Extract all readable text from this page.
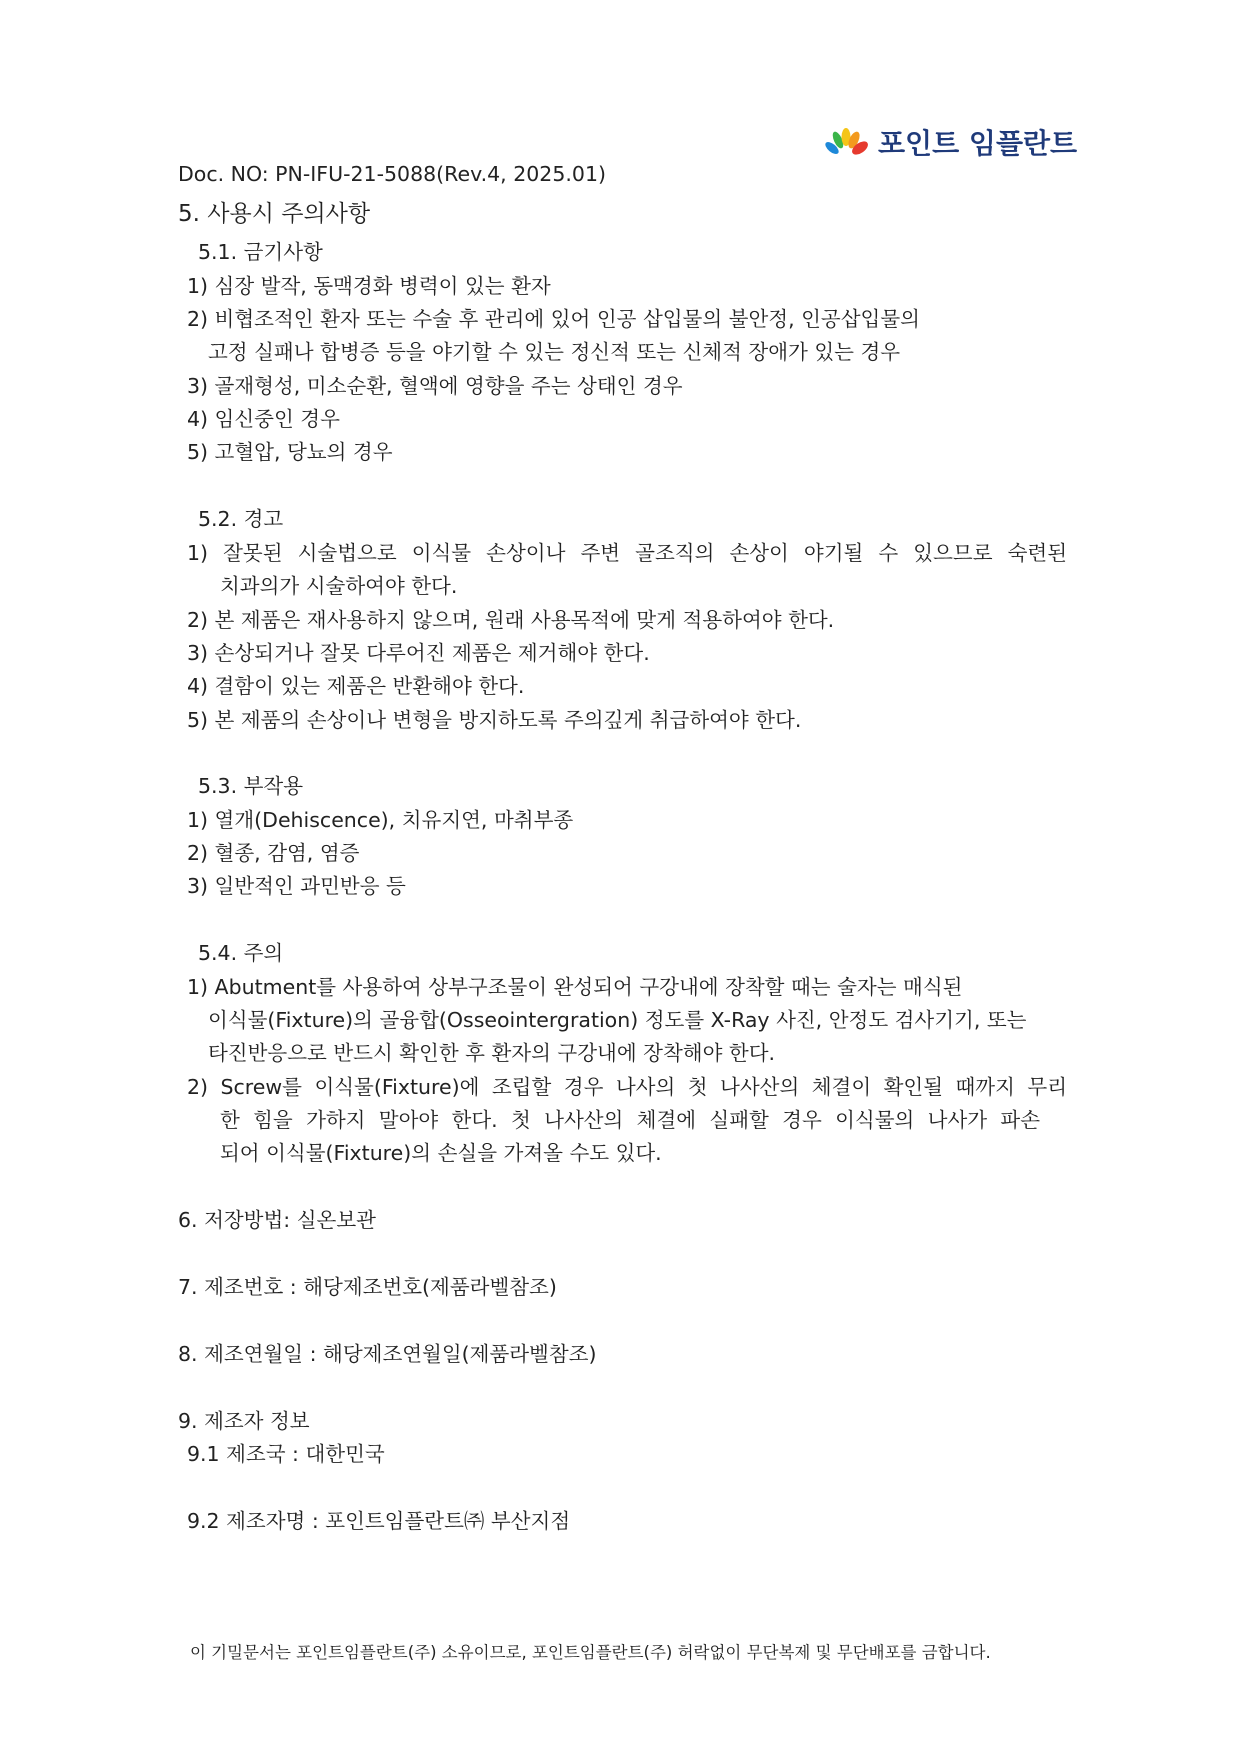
포인트 임플란트
Doc. NO: PN-IFU-21-5088(Rev.4, 2025.01)
5. 사용시 주의사항
5.1. 금기사항
1) 심장 발작, 동맥경화 병력이 있는 환자
2) 비협조적인 환자 또는 수술 후 관리에 있어 인공 삽입물의 불안정, 인공삽입물의
고정 실패나 합병증 등을 야기할 수 있는 정신적 또는 신체적 장애가 있는 경우
3) 골재형성, 미소순환, 혈액에 영향을 주는 상태인 경우
4) 임신중인 경우
5) 고혈압, 당뇨의 경우
5.2. 경고
1) 잘못된 시술법으로 이식물 손상이나 주변 골조직의 손상이 야기될 수 있으므로 숙련된
치과의가 시술하여야 한다.
2) 본 제품은 재사용하지 않으며, 원래 사용목적에 맞게 적용하여야 한다.
3) 손상되거나 잘못 다루어진 제품은 제거해야 한다.
4) 결함이 있는 제품은 반환해야 한다.
5) 본 제품의 손상이나 변형을 방지하도록 주의깊게 취급하여야 한다.
5.3. 부작용
1) 열개(Dehiscence), 치유지연, 마취부종
2) 혈종, 감염, 염증
3) 일반적인 과민반응 등
5.4. 주의
1) Abutment를 사용하여 상부구조물이 완성되어 구강내에 장착할 때는 술자는 매식된
이식물(Fixture)의 골융합(Osseointergration) 정도를 X-Ray 사진, 안정도 검사기기, 또는
타진반응으로 반드시 확인한 후 환자의 구강내에 장착해야 한다.
2) Screw를 이식물(Fixture)에 조립할 경우 나사의 첫 나사산의 체결이 확인될 때까지 무리
한 힘을 가하지 말아야 한다. 첫 나사산의 체결에 실패할 경우 이식물의 나사가 파손
되어 이식물(Fixture)의 손실을 가져올 수도 있다.
6. 저장방법: 실온보관
7. 제조번호 : 해당제조번호(제품라벨참조)
8. 제조연월일 : 해당제조연월일(제품라벨참조)
9. 제조자 정보
9.1 제조국 : 대한민국
9.2 제조자명 : 포인트임플란트㈜ 부산지점
이 기밀문서는 포인트임플란트(주) 소유이므로, 포인트임플란트(주) 허락없이 무단복제 및 무단배포를 금합니다.
